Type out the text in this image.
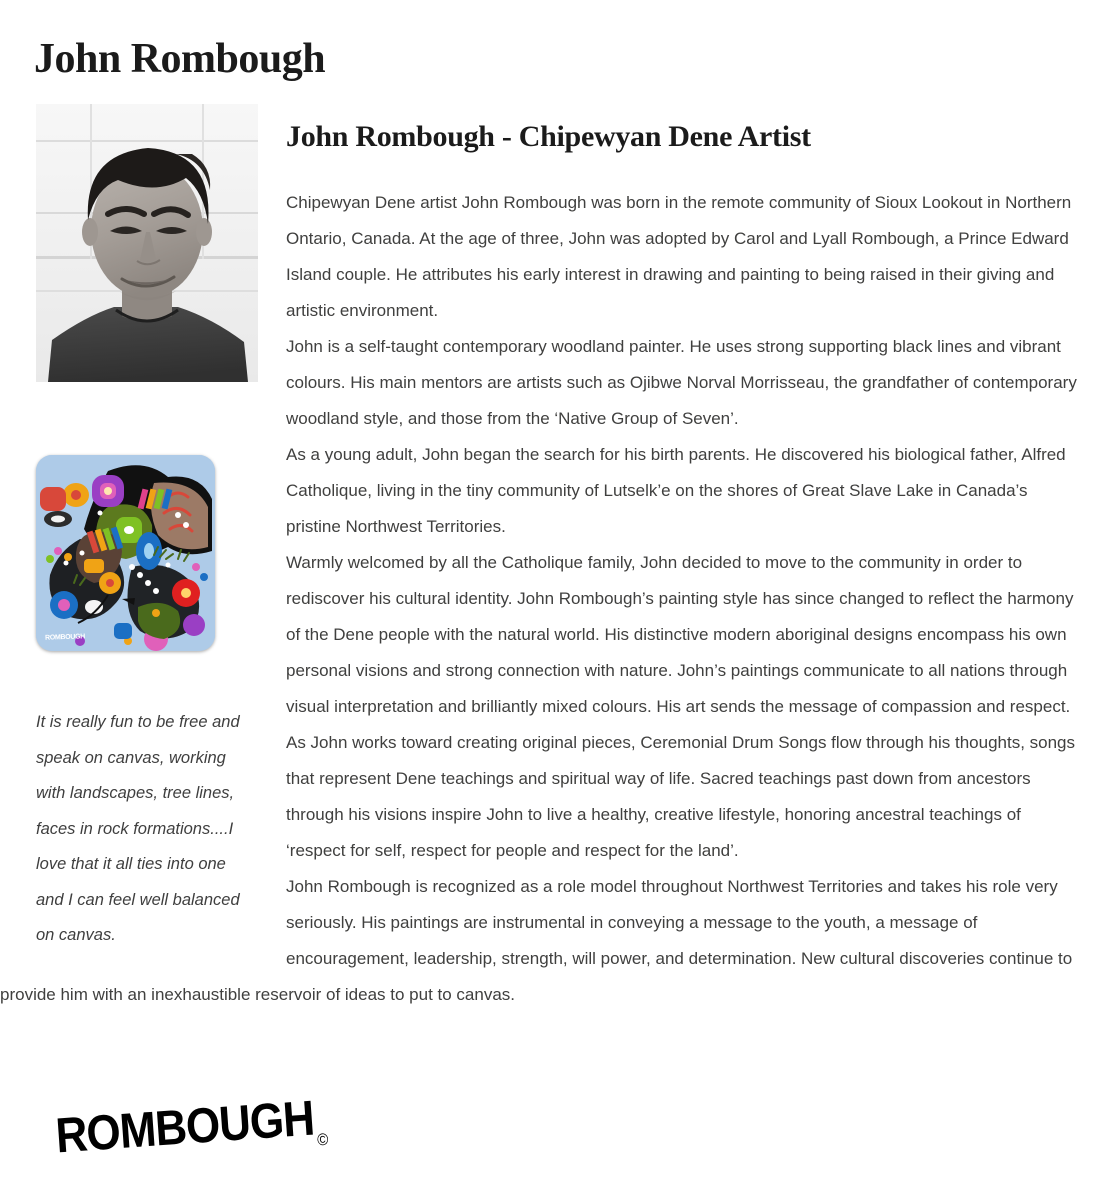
John Rombough
ROMBOUGH
It is really fun to be free and speak on canvas, working with landscapes, tree lines, faces in rock formations....I love that it all ties into one and I can feel well balanced on canvas.
John Rombough - Chipewyan Dene Artist

Chipewyan Dene artist John Rombough was born in the remote community of Sioux Lookout in Northern Ontario, Canada. At the age of three, John was adopted by Carol and Lyall Rombough, a Prince Edward Island couple. He attributes his early interest in drawing and painting to being raised in their giving and artistic environment.

John is a self-taught contemporary woodland painter. He uses strong supporting black lines and vibrant colours. His main mentors are artists such as Ojibwe Norval Morrisseau, the grandfather of contemporary woodland style, and those from the ‘Native Group of Seven’.

As a young adult, John began the search for his birth parents. He discovered his biological father, Alfred Catholique, living in the tiny community of Lutselk’e on the shores of Great Slave Lake in Canada’s pristine Northwest Territories.

Warmly welcomed by all the Catholique family, John decided to move to the community in order to rediscover his cultural identity. John Rombough’s painting style has since changed to reflect the harmony of the Dene people with the natural world. His distinctive modern aboriginal designs encompass his own personal visions and strong connection with nature. John’s paintings communicate to all nations through visual interpretation and brilliantly mixed colours. His art sends the message of compassion and respect.

As John works toward creating original pieces, Ceremonial Drum Songs flow through his thoughts, songs that represent Dene teachings and spiritual way of life. Sacred teachings past down from ancestors through his visions inspire John to live a healthy, creative lifestyle, honoring ancestral teachings of ‘respect for self, respect for people and respect for the land’.

John Rombough is recognized as a role model throughout Northwest Territories and takes his role very seriously. His paintings are instrumental in conveying a message to the youth, a message of encouragement, leadership, strength, will power, and determination. New cultural discoveries continue to provide him with an inexhaustible reservoir of ideas to put to canvas.

$ROMBOUGH_©$
